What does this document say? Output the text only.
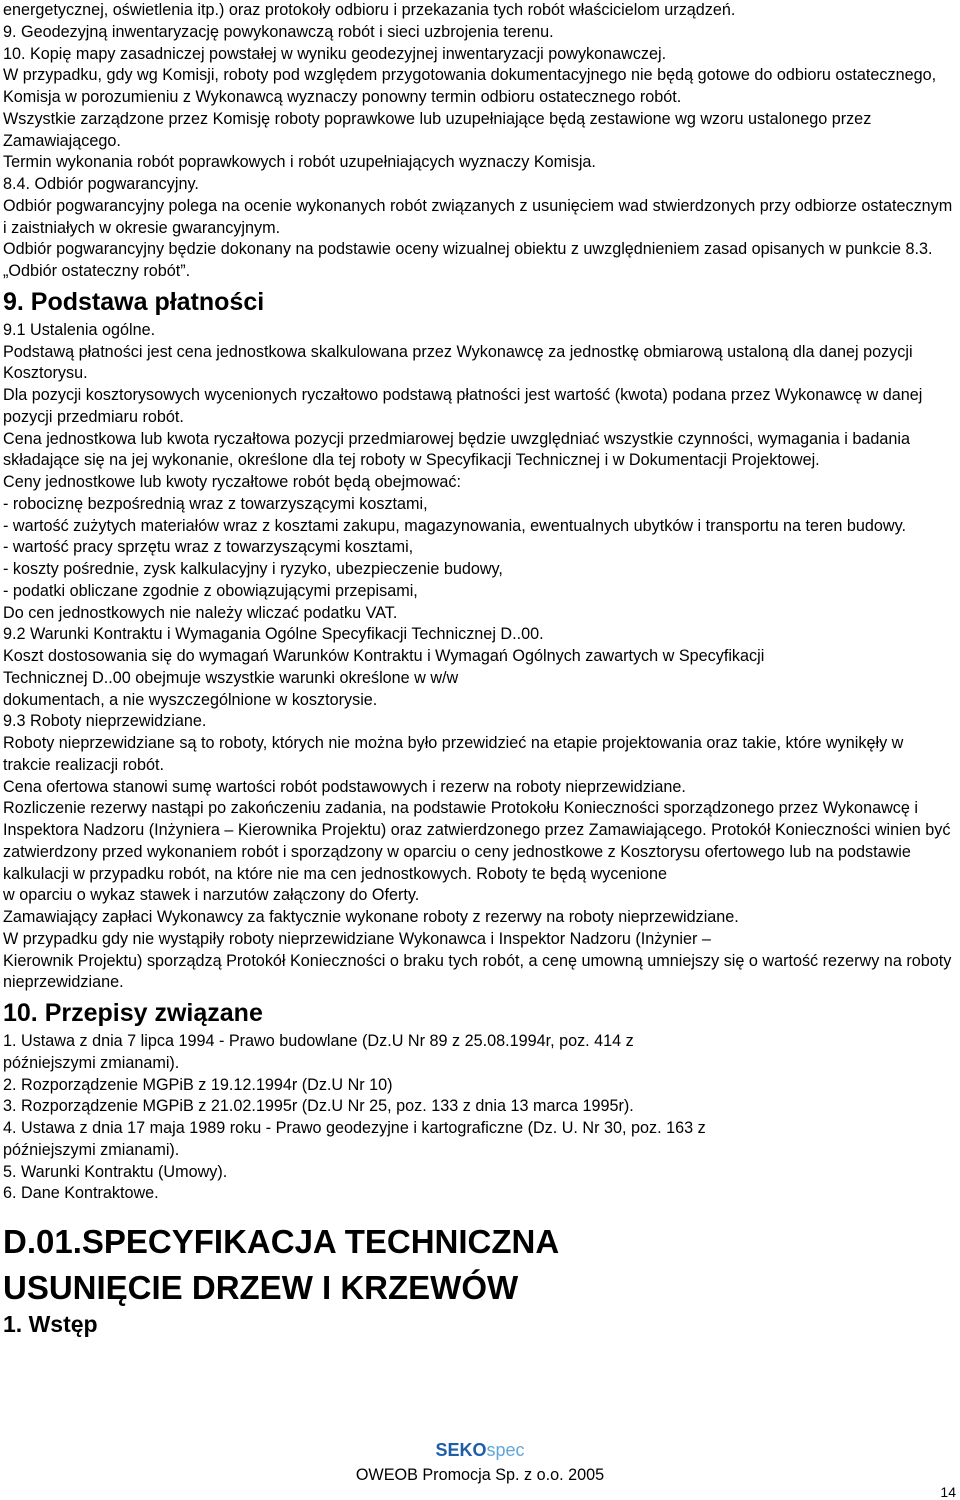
energetycznej, oświetlenia itp.) oraz protokoły odbioru i przekazania tych robót właścicielom urządzeń.

9. Geodezyjną inwentaryzację powykonawczą robót i sieci uzbrojenia terenu.

10. Kopię mapy zasadniczej powstałej w wyniku geodezyjnej inwentaryzacji powykonawczej.

W przypadku, gdy wg Komisji, roboty pod względem przygotowania dokumentacyjnego nie będą gotowe do odbioru ostatecznego, Komisja w porozumieniu z Wykonawcą wyznaczy ponowny termin odbioru ostatecznego robót.

Wszystkie zarządzone przez Komisję roboty poprawkowe lub uzupełniające będą zestawione wg wzoru ustalonego przez Zamawiającego.

Termin wykonania robót poprawkowych i robót uzupełniających wyznaczy Komisja.

8.4. Odbiór pogwarancyjny.

Odbiór pogwarancyjny polega na ocenie wykonanych robót związanych z usunięciem wad stwierdzonych przy odbiorze ostatecznym i zaistniałych w okresie gwarancyjnym.

Odbiór pogwarancyjny będzie dokonany na podstawie oceny wizualnej obiektu z uwzględnieniem zasad opisanych w punkcie 8.3. „Odbiór ostateczny robót”.

9. Podstawa płatności

9.1 Ustalenia ogólne.

Podstawą płatności jest cena jednostkowa skalkulowana przez Wykonawcę za jednostkę obmiarową ustaloną dla danej pozycji Kosztorysu.

Dla pozycji kosztorysowych wycenionych ryczałtowo podstawą płatności jest wartość (kwota) podana przez Wykonawcę w danej pozycji przedmiaru robót.

Cena jednostkowa lub kwota ryczałtowa pozycji przedmiarowej będzie uwzględniać wszystkie czynności, wymagania i badania składające się na jej wykonanie, określone dla tej roboty w Specyfikacji Technicznej i w Dokumentacji Projektowej.

Ceny jednostkowe lub kwoty ryczałtowe robót będą obejmować:

- robociznę bezpośrednią wraz z towarzyszącymi kosztami,

- wartość zużytych materiałów wraz z kosztami zakupu, magazynowania, ewentualnych ubytków i transportu na teren budowy.

- wartość pracy sprzętu wraz z towarzyszącymi kosztami,

- koszty pośrednie, zysk kalkulacyjny i ryzyko, ubezpieczenie budowy,

- podatki obliczane zgodnie z obowiązującymi przepisami,

Do cen jednostkowych nie należy wliczać podatku VAT.

9.2 Warunki Kontraktu i Wymagania Ogólne Specyfikacji Technicznej D..00.

Koszt dostosowania się do wymagań Warunków Kontraktu i Wymagań Ogólnych zawartych w Specyfikacji
Technicznej D..00 obejmuje wszystkie warunki określone w w/w
dokumentach, a nie wyszczególnione w kosztorysie.

9.3 Roboty nieprzewidziane.

Roboty nieprzewidziane są to roboty, których nie można było przewidzieć na etapie projektowania oraz takie, które wynikęły w trakcie realizacji robót.

Cena ofertowa stanowi sumę wartości robót podstawowych i rezerw na roboty nieprzewidziane.

Rozliczenie rezerwy nastąpi po zakończeniu zadania, na podstawie Protokołu Konieczności sporządzonego przez Wykonawcę i Inspektora Nadzoru (Inżyniera – Kierownika Projektu) oraz zatwierdzonego przez Zamawiającego. Protokół Konieczności winien być zatwierdzony przed wykonaniem robót i sporządzony w oparciu o ceny jednostkowe z Kosztorysu ofertowego lub na podstawie kalkulacji w przypadku robót, na które nie ma cen jednostkowych. Roboty te będą wycenione
w oparciu o wykaz stawek i narzutów załączony do Oferty.

Zamawiający zapłaci Wykonawcy za faktycznie wykonane roboty z rezerwy na roboty nieprzewidziane.

W przypadku gdy nie wystąpiły roboty nieprzewidziane Wykonawca i Inspektor Nadzoru (Inżynier –
Kierownik Projektu) sporządzą Protokół Konieczności o braku tych robót, a cenę umowną umniejszy się o wartość rezerwy na roboty nieprzewidziane.

10. Przepisy związane

1. Ustawa z dnia 7 lipca 1994 - Prawo budowlane (Dz.U Nr 89 z 25.08.1994r, poz. 414 z
późniejszymi zmianami).

2. Rozporządzenie MGPiB z 19.12.1994r (Dz.U Nr 10)

3. Rozporządzenie MGPiB z 21.02.1995r (Dz.U Nr 25, poz. 133 z dnia 13 marca 1995r).

4. Ustawa z dnia 17 maja 1989 roku - Prawo geodezyjne i kartograficzne (Dz. U. Nr 30, poz. 163 z
późniejszymi zmianami).

5. Warunki Kontraktu (Umowy).

6. Dane Kontraktowe.

D.01.SPECYFIKACJA TECHNICZNA

USUNIĘCIE DRZEW I KRZEWÓW

1. Wstęp

SEKOspec
OWEOB Promocja Sp. z o.o. 2005
14
